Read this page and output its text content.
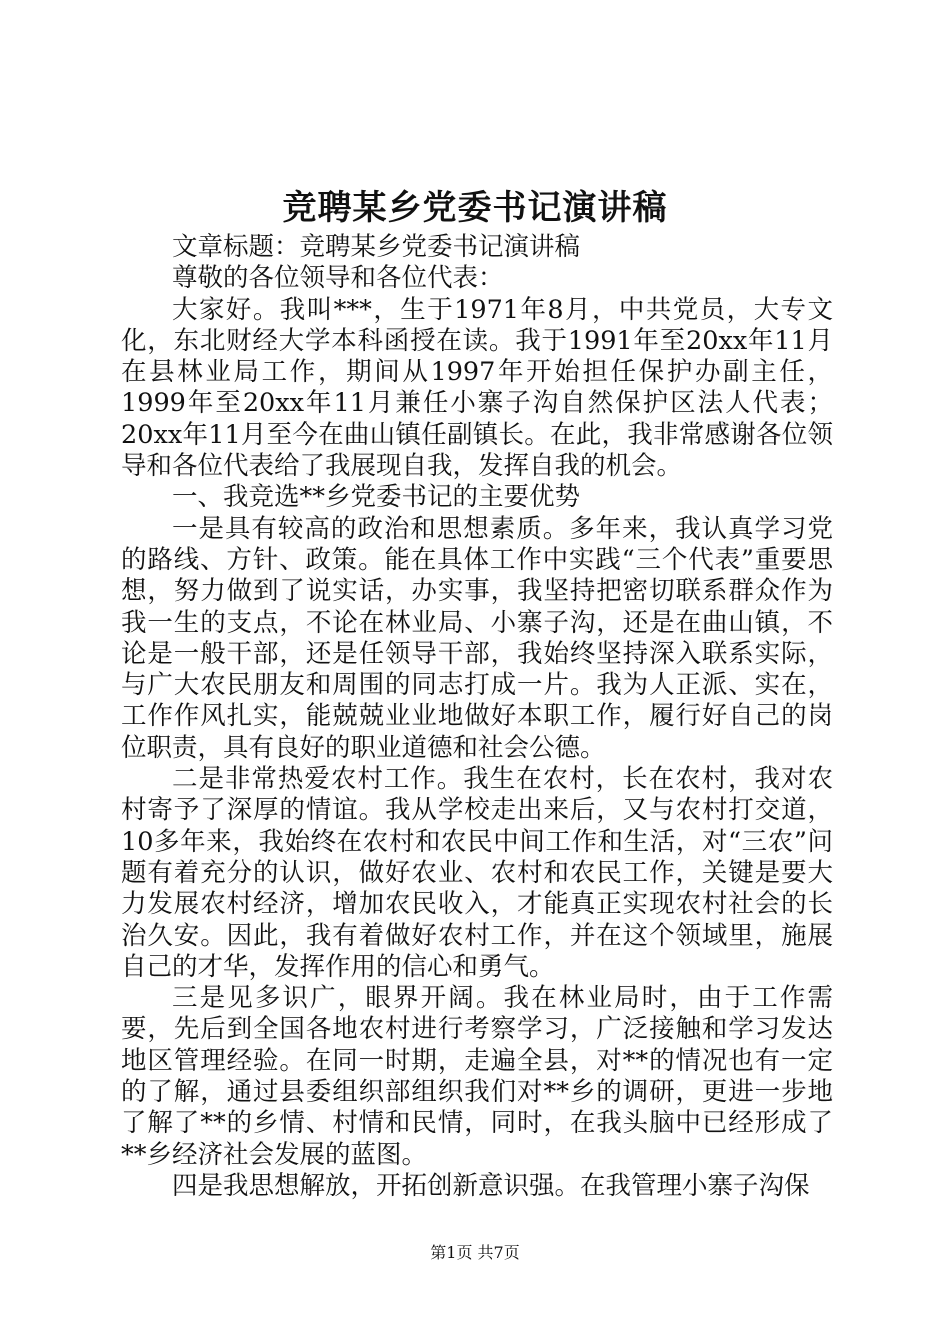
竞聘某乡党委书记演讲稿

文章标题：竞聘某乡党委书记演讲稿

尊敬的各位领导和各位代表：

大家好。我叫***，生于1971年8月，中共党员，大专文化，东北财经大学本科函授在读。我于1991年至20xx年11月在县林业局工作，期间从1997年开始担任保护办副主任，1999年至20xx年11月兼任小寨子沟自然保护区法人代表；20xx年11月至今在曲山镇任副镇长。在此，我非常感谢各位领导和各位代表给了我展现自我，发挥自我的机会。

一、我竞选**乡党委书记的主要优势

一是具有较高的政治和思想素质。多年来，我认真学习党的路线、方针、政策。能在具体工作中实践“三个代表”重要思想，努力做到了说实话，办实事，我坚持把密切联系群众作为我一生的支点，不论在林业局、小寨子沟，还是在曲山镇，不论是一般干部，还是任领导干部，我始终坚持深入联系实际，与广大农民朋友和周围的同志打成一片。我为人正派、实在，工作作风扎实，能兢兢业业地做好本职工作，履行好自己的岗位职责，具有良好的职业道德和社会公德。

二是非常热爱农村工作。我生在农村，长在农村，我对农村寄予了深厚的情谊。我从学校走出来后，又与农村打交道，10多年来，我始终在农村和农民中间工作和生活，对“三农”问题有着充分的认识，做好农业、农村和农民工作，关键是要大力发展农村经济，增加农民收入，才能真正实现农村社会的长治久安。因此，我有着做好农村工作，并在这个领域里，施展自己的才华，发挥作用的信心和勇气。

三是见多识广，眼界开阔。我在林业局时，由于工作需要，先后到全国各地农村进行考察学习，广泛接触和学习发达地区管理经验。在同一时期，走遍全县，对**的情况也有一定的了解，通过县委组织部组织我们对**乡的调研，更进一步地了解了**的乡情、村情和民情，同时，在我头脑中已经形成了**乡经济社会发展的蓝图。

四是我思想解放，开拓创新意识强。在我管理小寨子沟保

第1页 共7页
